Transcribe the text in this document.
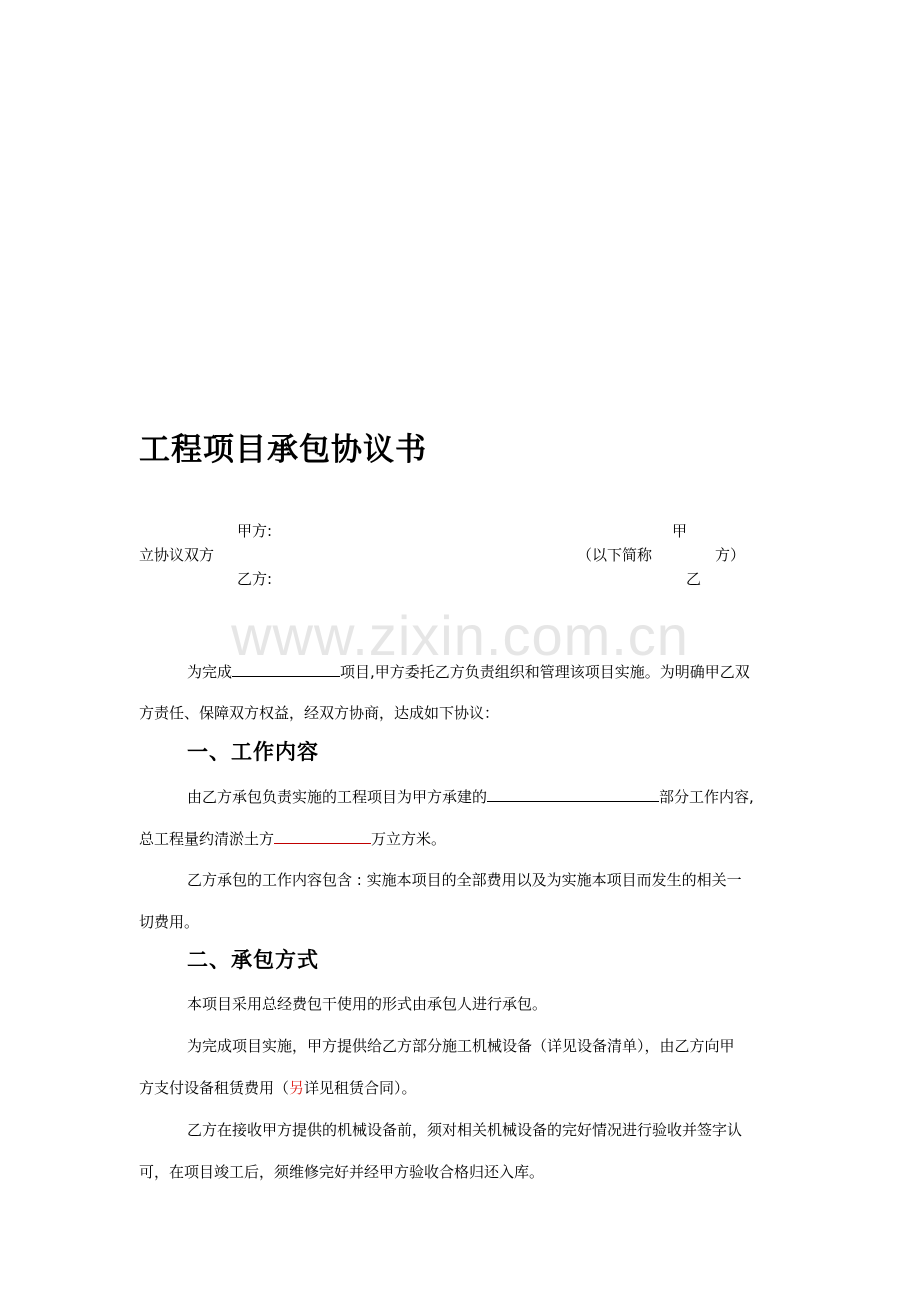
www.zixin.com.cn
工程项目承包协议书
甲方:	甲
立协议双方	（以下简称	方）
乙方:	乙
为完成	项目,甲方委托乙方负责组织和管理该项目实施。为明确甲乙双
方责任、保障双方权益，经双方协商，达成如下协议：
一、工作内容
由乙方承包负责实施的工程项目为甲方承建的	部分工作内容,
总工程量约清淤土方	万立方米。
乙方承包的工作内容包含 : 实施本项目的全部费用以及为实施本项目而发生的相关一
切费用。
二、承包方式
本项目采用总经费包干使用的形式由承包人进行承包。
为完成项目实施，甲方提供给乙方部分施工机械设备（详见设备清单），由乙方向甲
方支付设备租赁费用（另详见租赁合同）。
乙方在接收甲方提供的机械设备前，须对相关机械设备的完好情况进行验收并签字认
可，在项目竣工后，须维修完好并经甲方验收合格归还入库。
